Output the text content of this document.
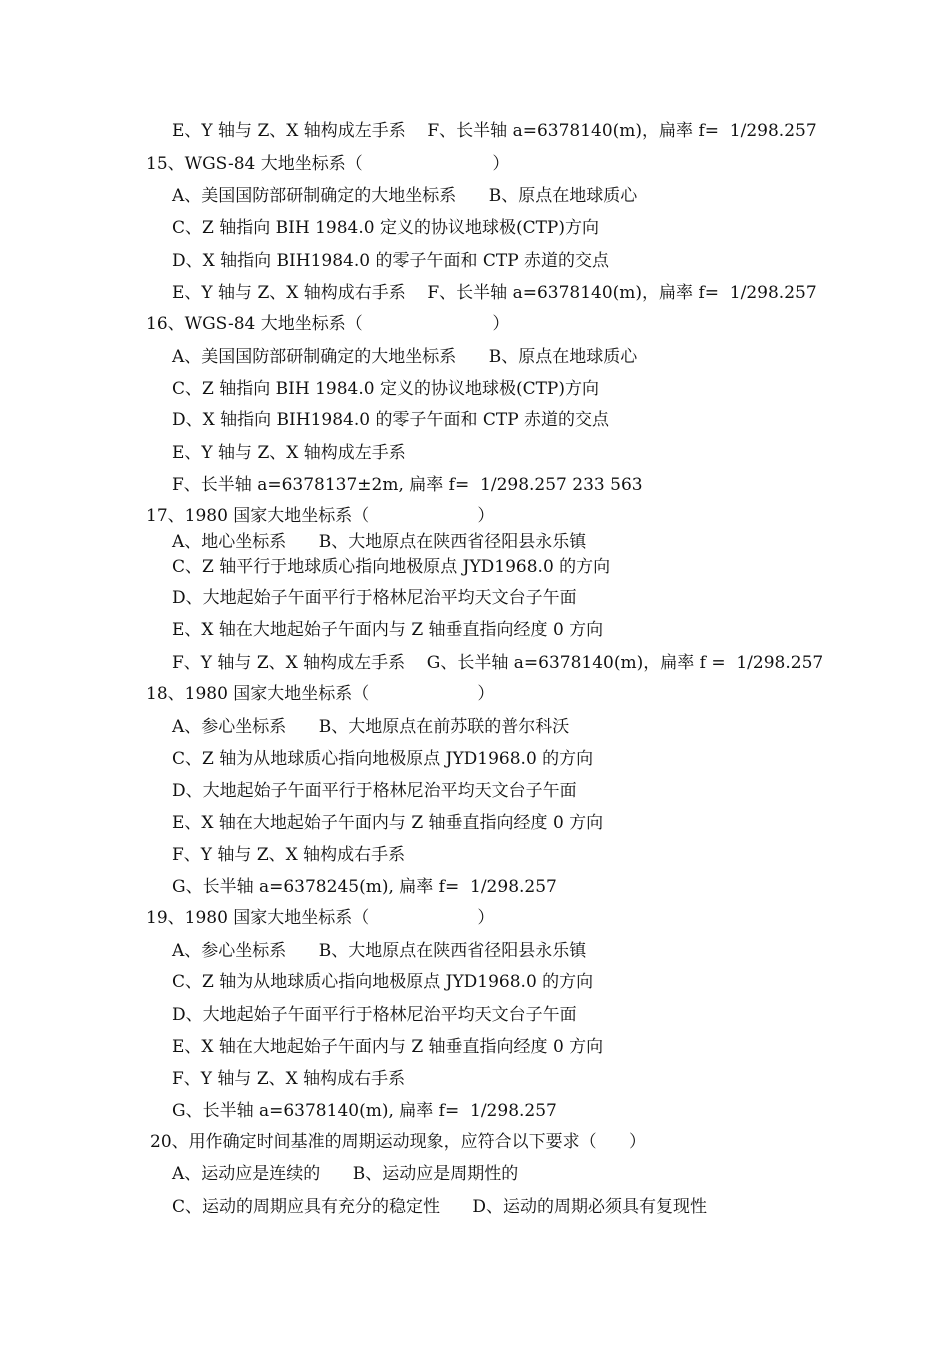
E、Y 轴与 Z、X 轴构成左手系    F、长半轴 a=6378140(m)，扁率 f=  1/298.257
15、WGS-84 大地坐标系（                        ）
A、美国国防部研制确定的大地坐标系      B、原点在地球质心
C、Z 轴指向 BIH 1984.0 定义的协议地球极(CTP)方向
D、X 轴指向 BIH1984.0 的零子午面和 CTP 赤道的交点
E、Y 轴与 Z、X 轴构成右手系    F、长半轴 a=6378140(m)，扁率 f=  1/298.257
16、WGS-84 大地坐标系（                        ）
A、美国国防部研制确定的大地坐标系      B、原点在地球质心
C、Z 轴指向 BIH 1984.0 定义的协议地球极(CTP)方向
D、X 轴指向 BIH1984.0 的零子午面和 CTP 赤道的交点
E、Y 轴与 Z、X 轴构成左手系
F、长半轴 a=6378137±2m, 扁率 f=  1/298.257 233 563
17、1980 国家大地坐标系（                    ）
A、地心坐标系      B、大地原点在陕西省径阳县永乐镇
C、Z 轴平行于地球质心指向地极原点 JYD1968.0 的方向
D、大地起始子午面平行于格林尼治平均天文台子午面
E、X 轴在大地起始子午面内与 Z 轴垂直指向经度 0 方向
F、Y 轴与 Z、X 轴构成左手系    G、长半轴 a=6378140(m)，扁率 f =  1/298.257
18、1980 国家大地坐标系（                    ）
A、参心坐标系      B、大地原点在前苏联的普尔科沃
C、Z 轴为从地球质心指向地极原点 JYD1968.0 的方向
D、大地起始子午面平行于格林尼治平均天文台子午面
E、X 轴在大地起始子午面内与 Z 轴垂直指向经度 0 方向
F、Y 轴与 Z、X 轴构成右手系
G、长半轴 a=6378245(m), 扁率 f=  1/298.257
19、1980 国家大地坐标系（                    ）
A、参心坐标系      B、大地原点在陕西省径阳县永乐镇
C、Z 轴为从地球质心指向地极原点 JYD1968.0 的方向
D、大地起始子午面平行于格林尼治平均天文台子午面
E、X 轴在大地起始子午面内与 Z 轴垂直指向经度 0 方向
F、Y 轴与 Z、X 轴构成右手系
G、长半轴 a=6378140(m), 扁率 f=  1/298.257
20、用作确定时间基准的周期运动现象，应符合以下要求（      ）
A、运动应是连续的      B、运动应是周期性的
C、运动的周期应具有充分的稳定性      D、运动的周期必须具有复现性
